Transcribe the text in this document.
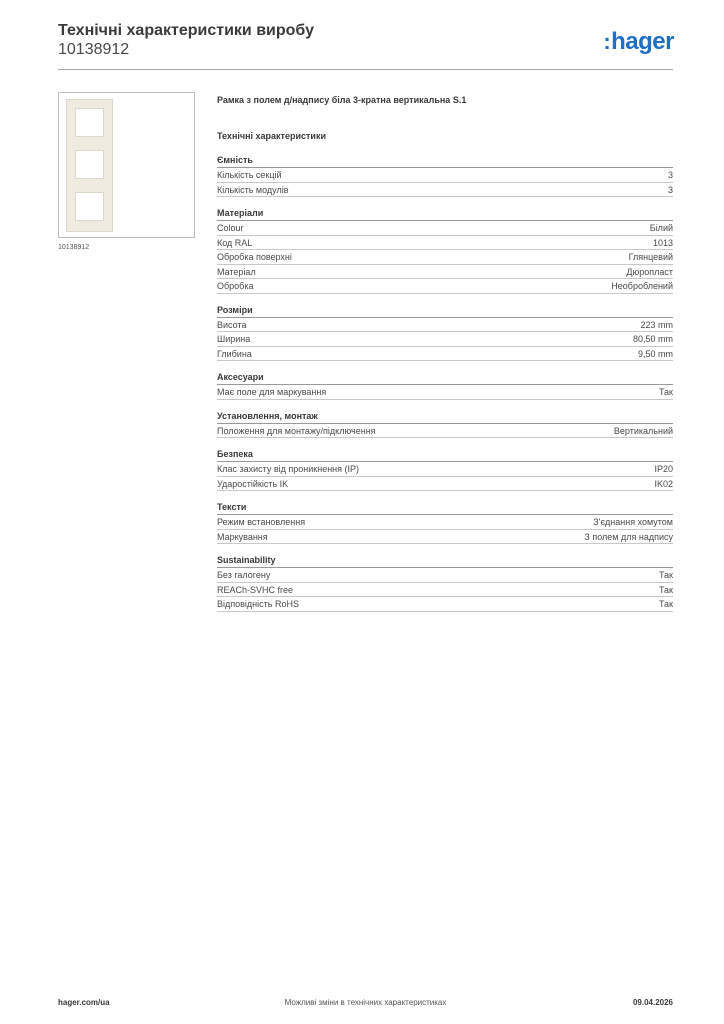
Технічні характеристики виробу
10138912	:hager
10138912
Рамка з полем д/надпису біла 3-кратна вертикальна S.1
Технічні характеристики
Ємність
Кількість секцій	3
Кількість модулів	3
Матеріали
Colour	Білий
Код RAL	1013
Обробка поверхні	Глянцевий
Матеріал	Дюропласт
Обробка	Необроблений
Розміри
Висота	223 mm
Ширина	80,50 mm
Глибина	9,50 mm
Аксесуари
Має поле для маркування	Так
Установлення, монтаж
Положення для монтажу/підключення	Вертикальний
Безпека
Клас захисту від проникнення (IP)	IP20
Ударостійкість IK	IK02
Тексти
Режим встановлення	З'єднання хомутом
Маркування	З полем для надпису
Sustainability
Без галогену	Так
REACh-SVHC free	Так
Відповідність RoHS	Так
hager.com/ua	Можливі зміни в технічних характеристиках	09.04.2026
